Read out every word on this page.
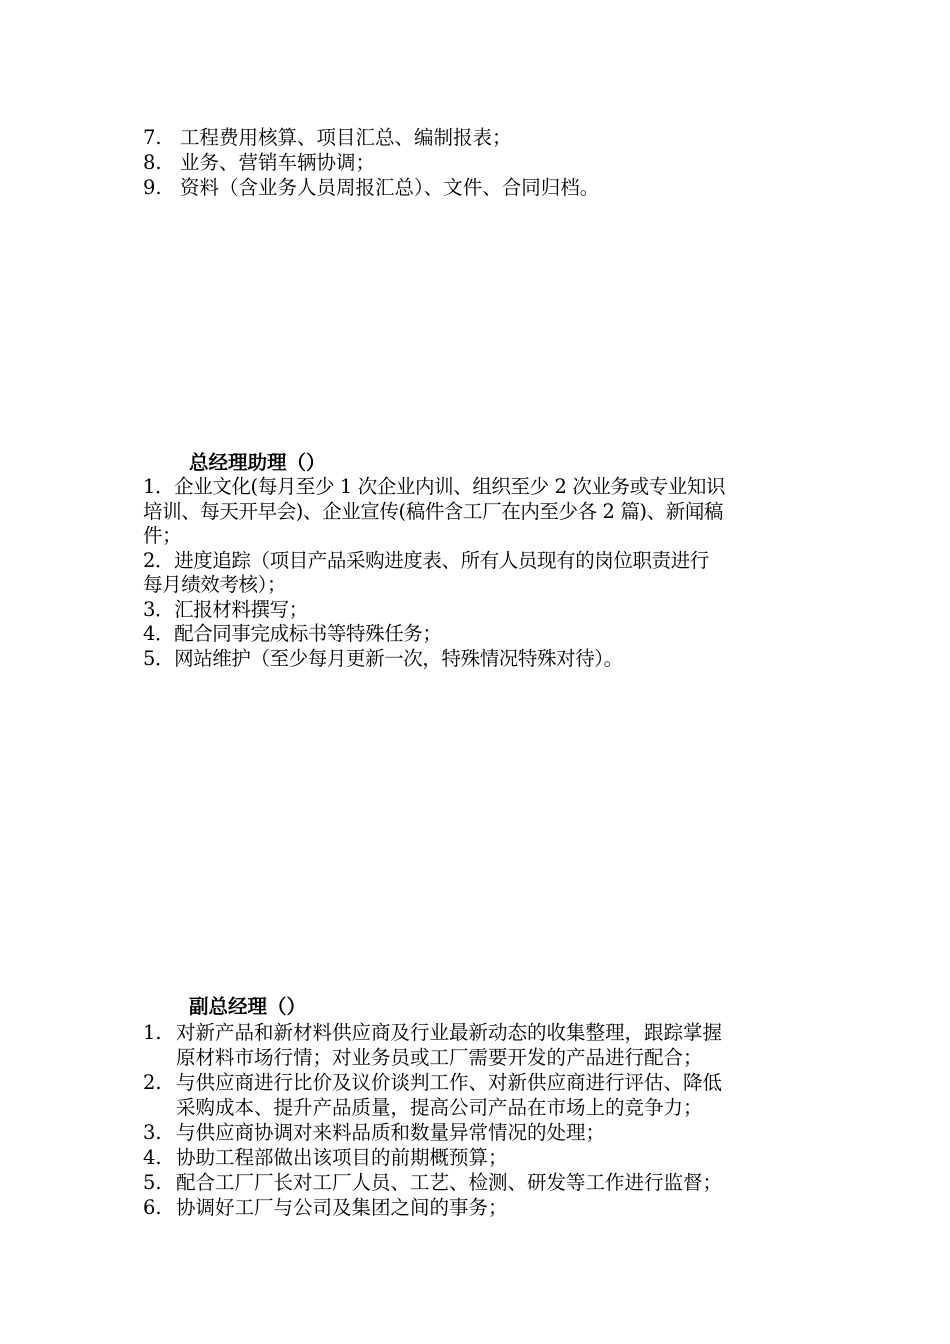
7. 工程费用核算、项目汇总、编制报表；
8. 业务、营销车辆协调；
9. 资料（含业务人员周报汇总）、文件、合同归档。
总经理助理（）
1．企业文化(每月至少 1 次企业内训、组织至少 2 次业务或专业知识
培训、每天开早会)、企业宣传(稿件含工厂在内至少各 2 篇)、新闻稿
件；
2．进度追踪（项目产品采购进度表、所有人员现有的岗位职责进行
每月绩效考核）；
3．汇报材料撰写；
4．配合同事完成标书等特殊任务；
5．网站维护（至少每月更新一次，特殊情况特殊对待）。
副总经理（）
1. 对新产品和新材料供应商及行业最新动态的收集整理，跟踪掌握
原材料市场行情；对业务员或工厂需要开发的产品进行配合；
2. 与供应商进行比价及议价谈判工作、对新供应商进行评估、降低
采购成本、提升产品质量，提高公司产品在市场上的竞争力；
3. 与供应商协调对来料品质和数量异常情况的处理；
4. 协助工程部做出该项目的前期概预算；
5. 配合工厂厂长对工厂人员、工艺、检测、研发等工作进行监督；
6. 协调好工厂与公司及集团之间的事务；
